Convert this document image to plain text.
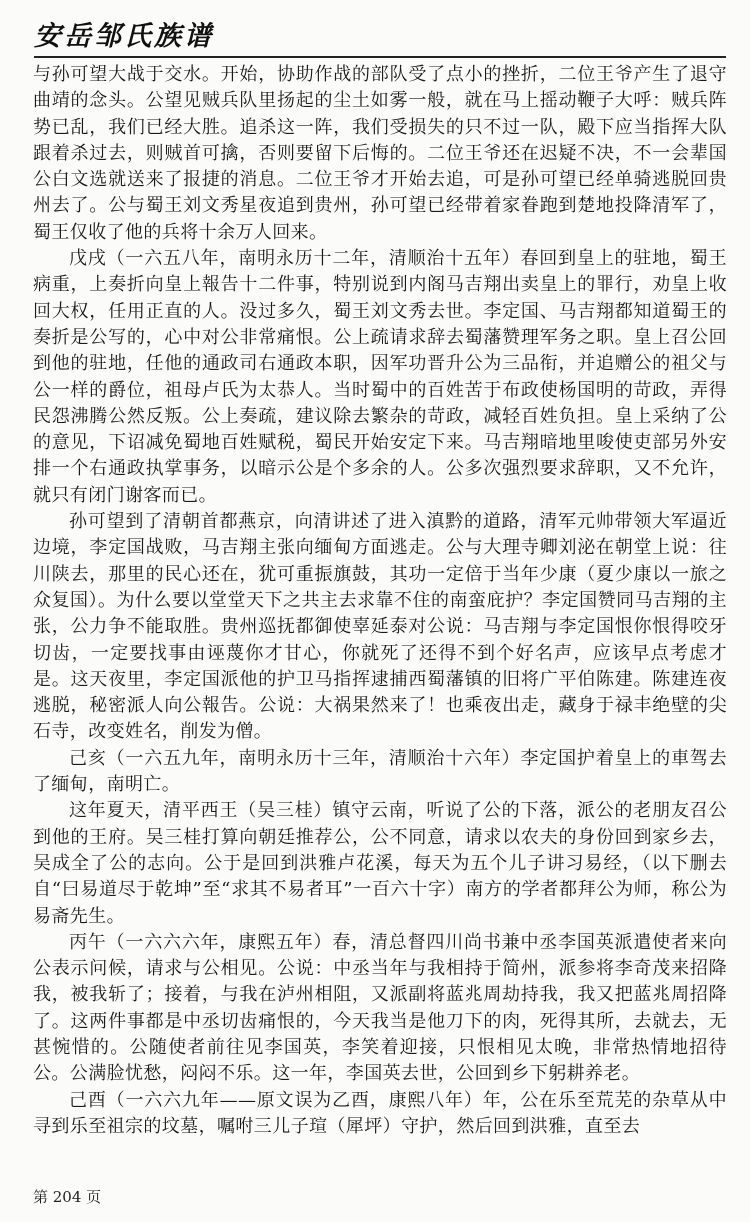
安岳邹氏族谱

与孙可望大战于交水。开始，协助作战的部队受了点小的挫折，二位王爷产生了退守曲靖的念头。公望见贼兵队里扬起的尘土如雾一般，就在马上摇动鞭子大呼：贼兵阵势已乱，我们已经大胜。追杀这一阵，我们受损失的只不过一队，殿下应当指挥大队跟着杀过去，则贼首可擒，否则要留下后悔的。二位王爷还在迟疑不决，不一会辈国公白文选就送来了报捷的消息。二位王爷才开始去追，可是孙可望已经单骑逃脱回贵州去了。公与蜀王刘文秀星夜追到贵州，孙可望已经带着家眷跑到楚地投降清军了，蜀王仅收了他的兵将十余万人回来。

戊戌（一六五八年，南明永历十二年，清顺治十五年）春回到皇上的驻地，蜀王病重，上奏折向皇上報告十二件事，特别说到内阁马吉翔出卖皇上的罪行，劝皇上收回大权，任用正直的人。没过多久，蜀王刘文秀去世。李定国、马吉翔都知道蜀王的奏折是公写的，心中对公非常痛恨。公上疏请求辞去蜀藩赞理军务之职。皇上召公回到他的驻地，任他的通政司右通政本职，因军功晋升公为三品衔，并追赠公的祖父与公一样的爵位，祖母卢氏为太恭人。当时蜀中的百姓苦于布政使杨国明的苛政，弄得民怨沸腾公然反叛。公上奏疏，建议除去繁杂的苛政，减轻百姓负担。皇上采纳了公的意见，下诏减免蜀地百姓赋税，蜀民开始安定下来。马吉翔暗地里唆使吏部另外安排一个右通政执掌事务，以暗示公是个多余的人。公多次强烈要求辞职，又不允许，就只有闭门谢客而已。

孙可望到了清朝首都燕京，向清讲述了进入滇黔的道路，清军元帅带领大军逼近边境，李定国战败，马吉翔主张向缅甸方面逃走。公与大理寺卿刘泌在朝堂上说：往川陕去，那里的民心还在，犹可重振旗鼓，其功一定倍于当年少康（夏少康以一旅之众复国）。为什么要以堂堂天下之共主去求靠不住的南蛮庇护？李定国赞同马吉翔的主张，公力争不能取胜。贵州巡抚都御使辜延泰对公说：马吉翔与李定国恨你恨得咬牙切齿，一定要找事由诬蔑你才甘心，你就死了还得不到个好名声，应该早点考虑才是。这天夜里，李定国派他的护卫马指挥逮捕西蜀藩镇的旧将广平伯陈建。陈建连夜逃脱，秘密派人向公報告。公说：大祸果然来了！也乘夜出走，藏身于禄丰绝壁的尖石寺，改变姓名，削发为僧。

己亥（一六五九年，南明永历十三年，清顺治十六年）李定国护着皇上的車驾去了缅甸，南明亡。

这年夏天，清平西王（吴三桂）镇守云南，听说了公的下落，派公的老朋友召公到他的王府。吴三桂打算向朝廷推荐公，公不同意，请求以农夫的身份回到家乡去，吴成全了公的志向。公于是回到洪雅卢花溪，每天为五个儿子讲习易经，（以下删去自“曰易道尽于乾坤”至“求其不易者耳”一百六十字）南方的学者都拜公为师，称公为易斋先生。

丙午（一六六六年，康熙五年）春，清总督四川尚书兼中丞李国英派遣使者来向公表示问候，请求与公相见。公说：中丞当年与我相持于简州，派参将李奇茂来招降我，被我斩了；接着，与我在泸州相阻，又派副将蓝兆周劫持我，我又把蓝兆周招降了。这两件事都是中丞切齿痛恨的，今天我当是他刀下的肉，死得其所，去就去，无甚惋惜的。公随使者前往见李国英，李笑着迎接，只恨相见太晚，非常热情地招待公。公满脸忧愁，闷闷不乐。这一年，李国英去世，公回到乡下躬耕养老。

己酉（一六六九年——原文误为乙酉，康熙八年）年，公在乐至荒芜的杂草从中寻到乐至祖宗的坟墓，嘱咐三儿子瑄（犀坪）守护，然后回到洪雅，直至去

第 204 页
